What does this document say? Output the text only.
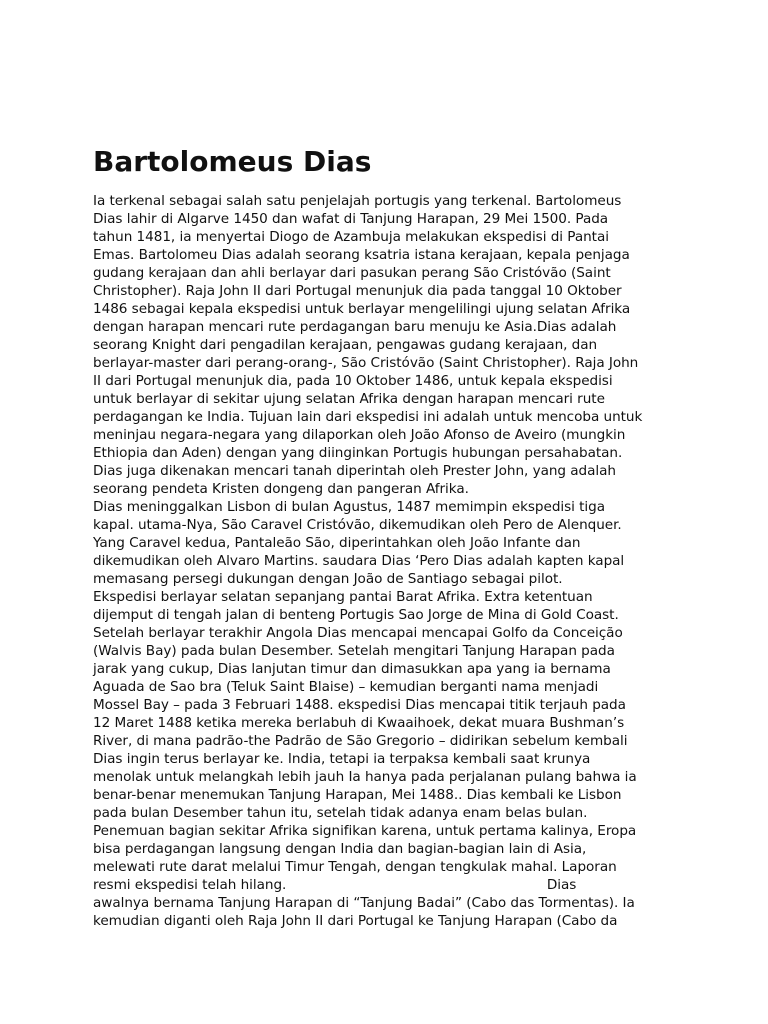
Bartolomeus Dias
Ia terkenal sebagai salah satu penjelajah portugis yang terkenal. Bartolomeus
Dias lahir di Algarve 1450 dan wafat di Tanjung Harapan, 29 Mei 1500. Pada
tahun 1481, ia menyertai Diogo de Azambuja melakukan ekspedisi di Pantai
Emas. Bartolomeu Dias adalah seorang ksatria istana kerajaan, kepala penjaga
gudang kerajaan dan ahli berlayar dari pasukan perang São Cristóvão (Saint
Christopher). Raja John II dari Portugal menunjuk dia pada tanggal 10 Oktober
1486 sebagai kepala ekspedisi untuk berlayar mengelilingi ujung selatan Afrika
dengan harapan mencari rute perdagangan baru menuju ke Asia.Dias adalah
seorang Knight dari pengadilan kerajaan, pengawas gudang kerajaan, dan
berlayar-master dari perang-orang-, São Cristóvão (Saint Christopher). Raja John
II dari Portugal menunjuk dia, pada 10 Oktober 1486, untuk kepala ekspedisi
untuk berlayar di sekitar ujung selatan Afrika dengan harapan mencari rute
perdagangan ke India. Tujuan lain dari ekspedisi ini adalah untuk mencoba untuk
meninjau negara-negara yang dilaporkan oleh João Afonso de Aveiro (mungkin
Ethiopia dan Aden) dengan yang diinginkan Portugis hubungan persahabatan.
Dias juga dikenakan mencari tanah diperintah oleh Prester John, yang adalah
seorang pendeta Kristen dongeng dan pangeran Afrika.
Dias meninggalkan Lisbon di bulan Agustus, 1487 memimpin ekspedisi tiga
kapal. utama-Nya, São Caravel Cristóvão, dikemudikan oleh Pero de Alenquer.
Yang Caravel kedua, Pantaleão São, diperintahkan oleh João Infante dan
dikemudikan oleh Alvaro Martins. saudara Dias ‘Pero Dias adalah kapten kapal
memasang persegi dukungan dengan João de Santiago sebagai pilot.
Ekspedisi berlayar selatan sepanjang pantai Barat Afrika. Extra ketentuan
dijemput di tengah jalan di benteng Portugis Sao Jorge de Mina di Gold Coast.
Setelah berlayar terakhir Angola Dias mencapai mencapai Golfo da Conceição
(Walvis Bay) pada bulan Desember. Setelah mengitari Tanjung Harapan pada
jarak yang cukup, Dias lanjutan timur dan dimasukkan apa yang ia bernama
Aguada de Sao bra (Teluk Saint Blaise) – kemudian berganti nama menjadi
Mossel Bay – pada 3 Februari 1488. ekspedisi Dias mencapai titik terjauh pada
12 Maret 1488 ketika mereka berlabuh di Kwaaihoek, dekat muara Bushman’s
River, di mana padrão-the Padrão de São Gregorio – didirikan sebelum kembali
Dias ingin terus berlayar ke. India, tetapi ia terpaksa kembali saat krunya
menolak untuk melangkah lebih jauh Ia hanya pada perjalanan pulang bahwa ia
benar-benar menemukan Tanjung Harapan, Mei 1488.. Dias kembali ke Lisbon
pada bulan Desember tahun itu, setelah tidak adanya enam belas bulan.
Penemuan bagian sekitar Afrika signifikan karena, untuk pertama kalinya, Eropa
bisa perdagangan langsung dengan India dan bagian-bagian lain di Asia,
melewati rute darat melalui Timur Tengah, dengan tengkulak mahal. Laporan
resmi ekspedisi telah hilang.                                                             Dias
awalnya bernama Tanjung Harapan di “Tanjung Badai” (Cabo das Tormentas). Ia
kemudian diganti oleh Raja John II dari Portugal ke Tanjung Harapan (Cabo da
